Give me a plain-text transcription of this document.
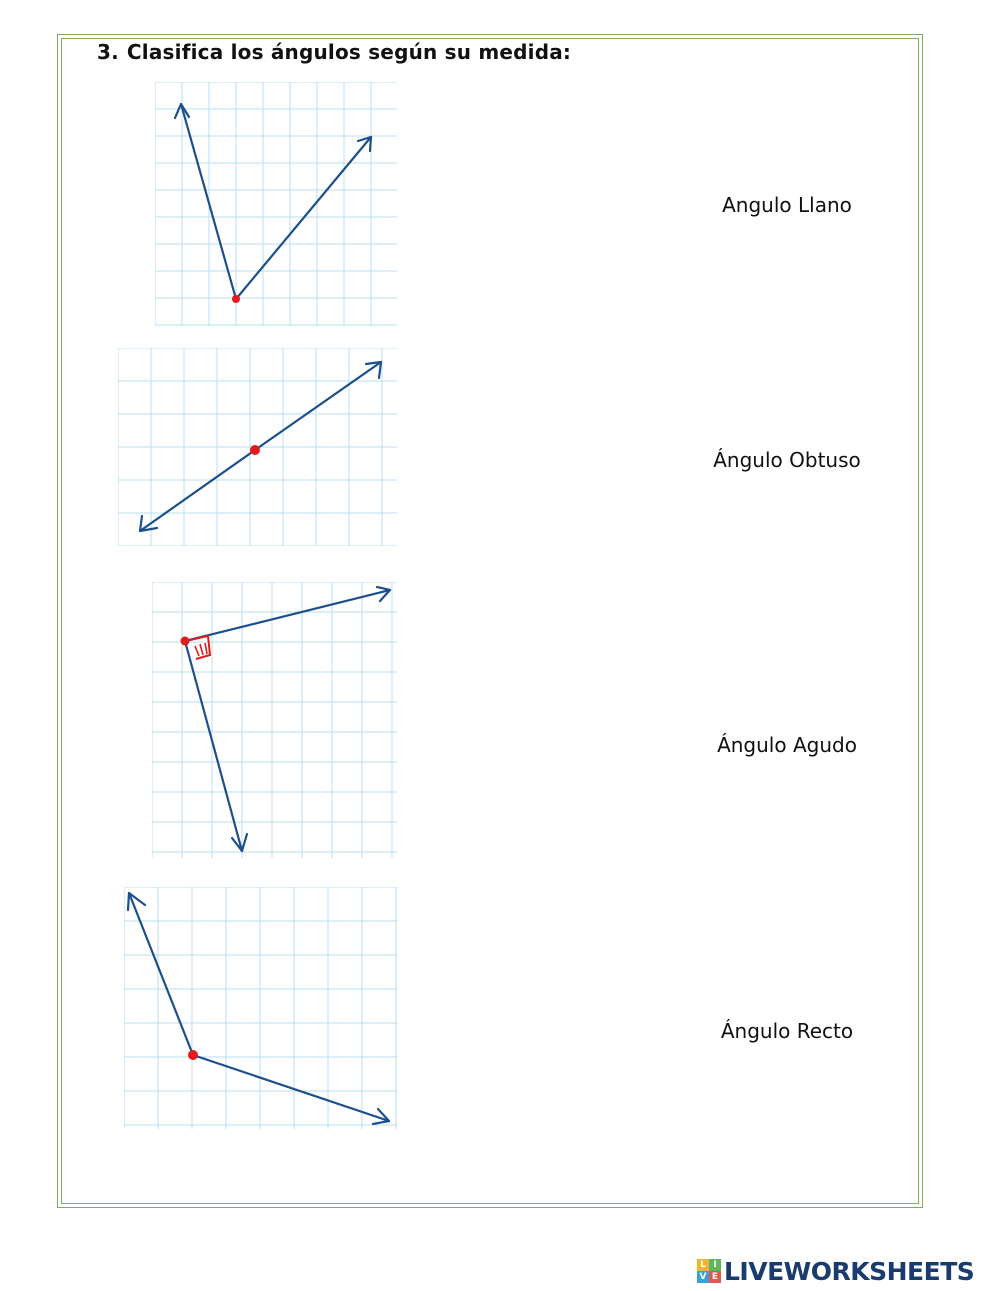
3. Clasifica los ángulos según su medida:
Angulo Llano
Ángulo Obtuso
Ángulo Agudo
Ángulo Recto
L I
V E LIVEWORKSHEETS
